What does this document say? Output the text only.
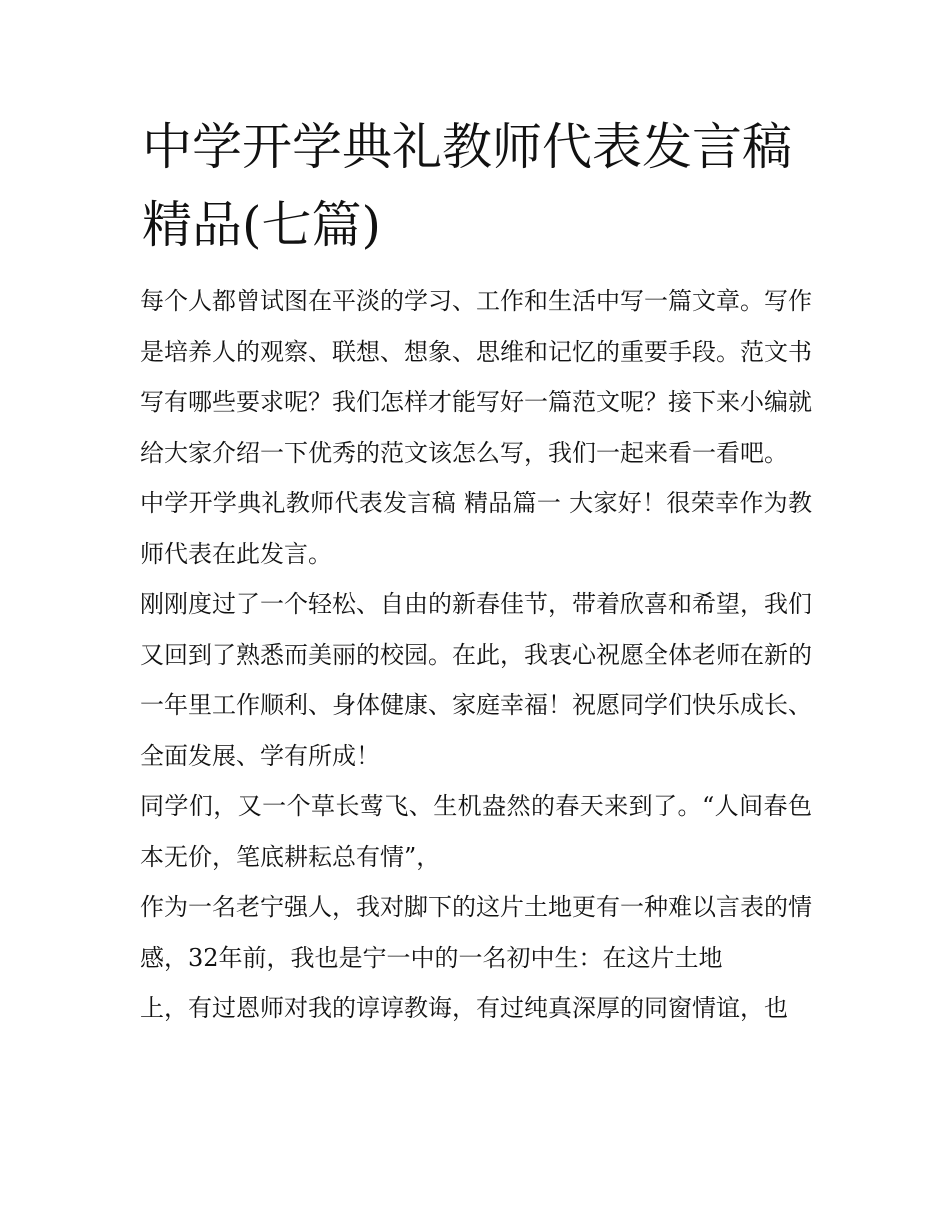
中学开学典礼教师代表发言稿
精品(七篇)

每个人都曾试图在平淡的学习、工作和生活中写一篇文章。写作是培养人的观察、联想、想象、思维和记忆的重要手段。范文书写有哪些要求呢？我们怎样才能写好一篇范文呢？接下来小编就给大家介绍一下优秀的范文该怎么写，我们一起来看一看吧。

中学开学典礼教师代表发言稿 精品篇一 大家好！很荣幸作为教师代表在此发言。

刚刚度过了一个轻松、自由的新春佳节，带着欣喜和希望，我们又回到了熟悉而美丽的校园。在此，我衷心祝愿全体老师在新的一年里工作顺利、身体健康、家庭幸福！祝愿同学们快乐成长、全面发展、学有所成！

同学们，又一个草长莺飞、生机盎然的春天来到了。“人间春色本无价，笔底耕耘总有情”，

作为一名老宁强人，我对脚下的这片土地更有一种难以言表的情感，32年前，我也是宁一中的一名初中生：在这片土地

上，有过恩师对我的谆谆教诲，有过纯真深厚的同窗情谊，也
